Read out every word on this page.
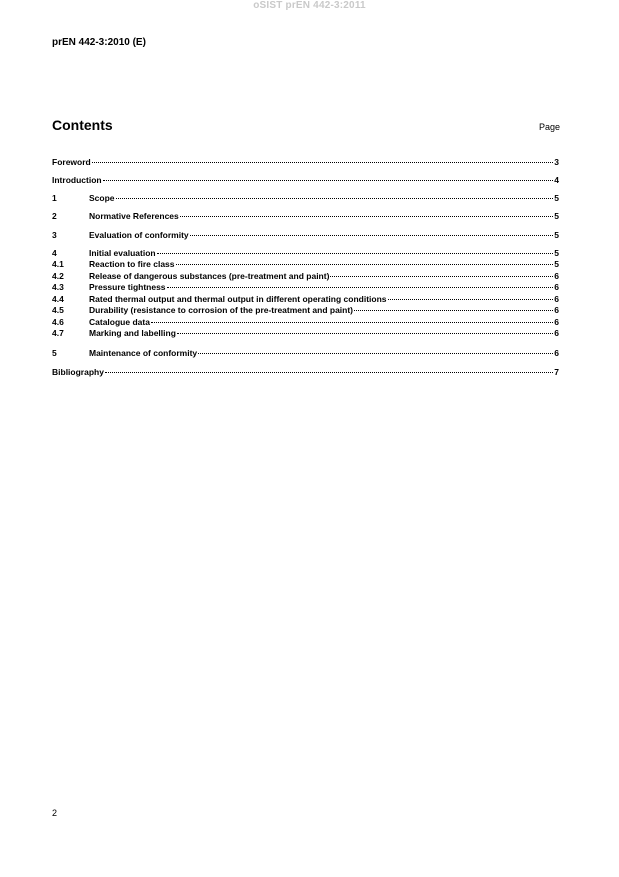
oSIST prEN 442-3:2011
prEN 442-3:2010 (E)
Contents	Page
Foreword	3
Introduction	4
1	Scope	5
2	Normative References	5
3	Evaluation of conformity	5
4	Initial evaluation	5
4.1	Reaction to fire class	5
4.2	Release of dangerous substances (pre-treatment and paint)	6
4.3	Pressure tightness	6
4.4	Rated thermal output and thermal output in different operating conditions	6
4.5	Durability (resistance to corrosion of the pre-treatment and paint)	6
4.6	Catalogue data	6
4.7	Marking and labelling	6
5	Maintenance of conformity	6
Bibliography	7
2
